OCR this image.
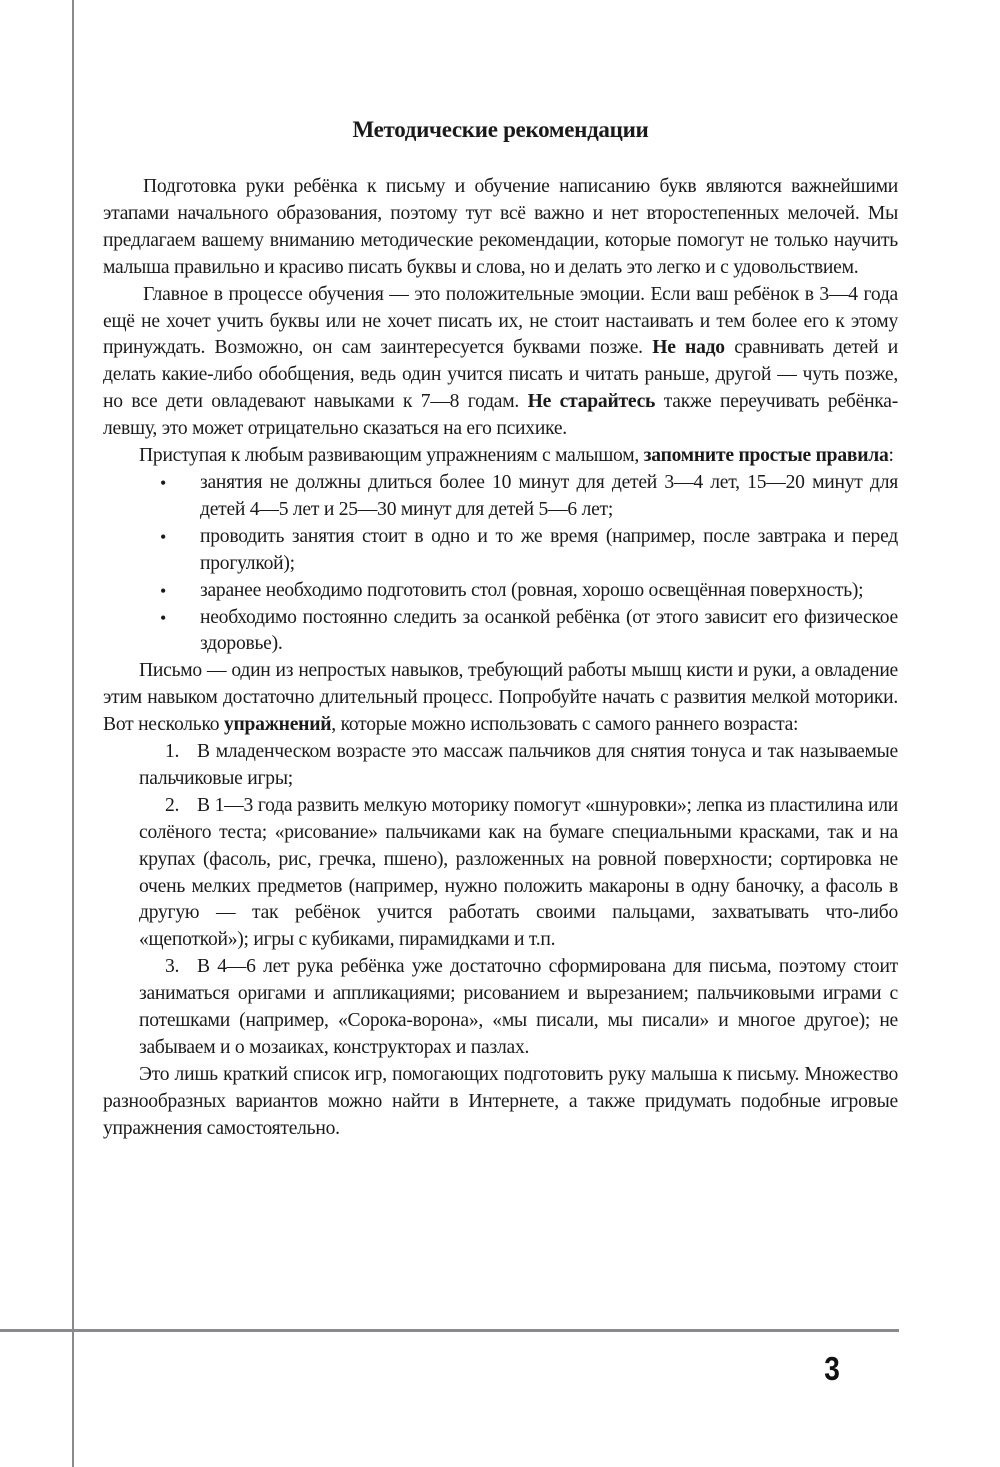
3
Методические рекомендации

Подготовка руки ребёнка к письму и обучение написанию букв являются важнейшими этапами начального образования, поэтому тут всё важно и нет второстепенных мелочей. Мы предлагаем вашему вниманию методические рекомендации, которые помогут не только научить малыша правильно и красиво писать буквы и слова, но и делать это легко и с удовольствием.

Главное в процессе обучения — это положительные эмоции. Если ваш ребёнок в 3—4 года ещё не хочет учить буквы или не хочет писать их, не стоит настаивать и тем более его к этому принуждать. Возможно, он сам заинтересуется буквами позже. Не надо сравнивать детей и делать какие-либо обобщения, ведь один учится писать и читать раньше, другой — чуть позже, но все дети овладевают навыками к 7—8 годам. Не старайтесь также переучивать ребёнка-левшу, это может отрицательно сказаться на его психике.

Приступая к любым развивающим упражнениям с малышом, запомните простые правила:

• занятия не должны длиться более 10 минут для детей 3—4 лет, 15—20 минут для детей 4—5 лет и 25—30 минут для детей 5—6 лет;
• проводить занятия стоит в одно и то же время (например, после завтрака и перед прогулкой);
• заранее необходимо подготовить стол (ровная, хорошо освещённая поверхность);
• необходимо постоянно следить за осанкой ребёнка (от этого зависит его физическое здоровье).

Письмо — один из непростых навыков, требующий работы мышц кисти и руки, а овладение этим навыком достаточно длительный процесс. Попробуйте начать с развития мелкой моторики. Вот несколько упражнений, которые можно использовать с самого раннего возраста:

1. В младенческом возрасте это массаж пальчиков для снятия тонуса и так называемые пальчиковые игры;
2. В 1—3 года развить мелкую моторику помогут «шнуровки»; лепка из пластилина или солёного теста; «рисование» пальчиками как на бумаге специальными красками, так и на крупах (фасоль, рис, гречка, пшено), разложенных на ровной поверхности; сортировка не очень мелких предметов (например, нужно положить макароны в одну баночку, а фасоль в другую — так ребёнок учится работать своими пальцами, захватывать что-либо «щепоткой»); игры с кубиками, пирамидками и т.п.
3. В 4—6 лет рука ребёнка уже достаточно сформирована для письма, поэтому стоит заниматься оригами и аппликациями; рисованием и вырезанием; пальчиковыми играми с потешками (например, «Сорока-ворона», «мы писали, мы писали» и многое другое); не забываем и о мозаиках, конструкторах и пазлах.

Это лишь краткий список игр, помогающих подготовить руку малыша к письму. Множество разнообразных вариантов можно найти в Интернете, а также придумать подобные игровые упражнения самостоятельно.
